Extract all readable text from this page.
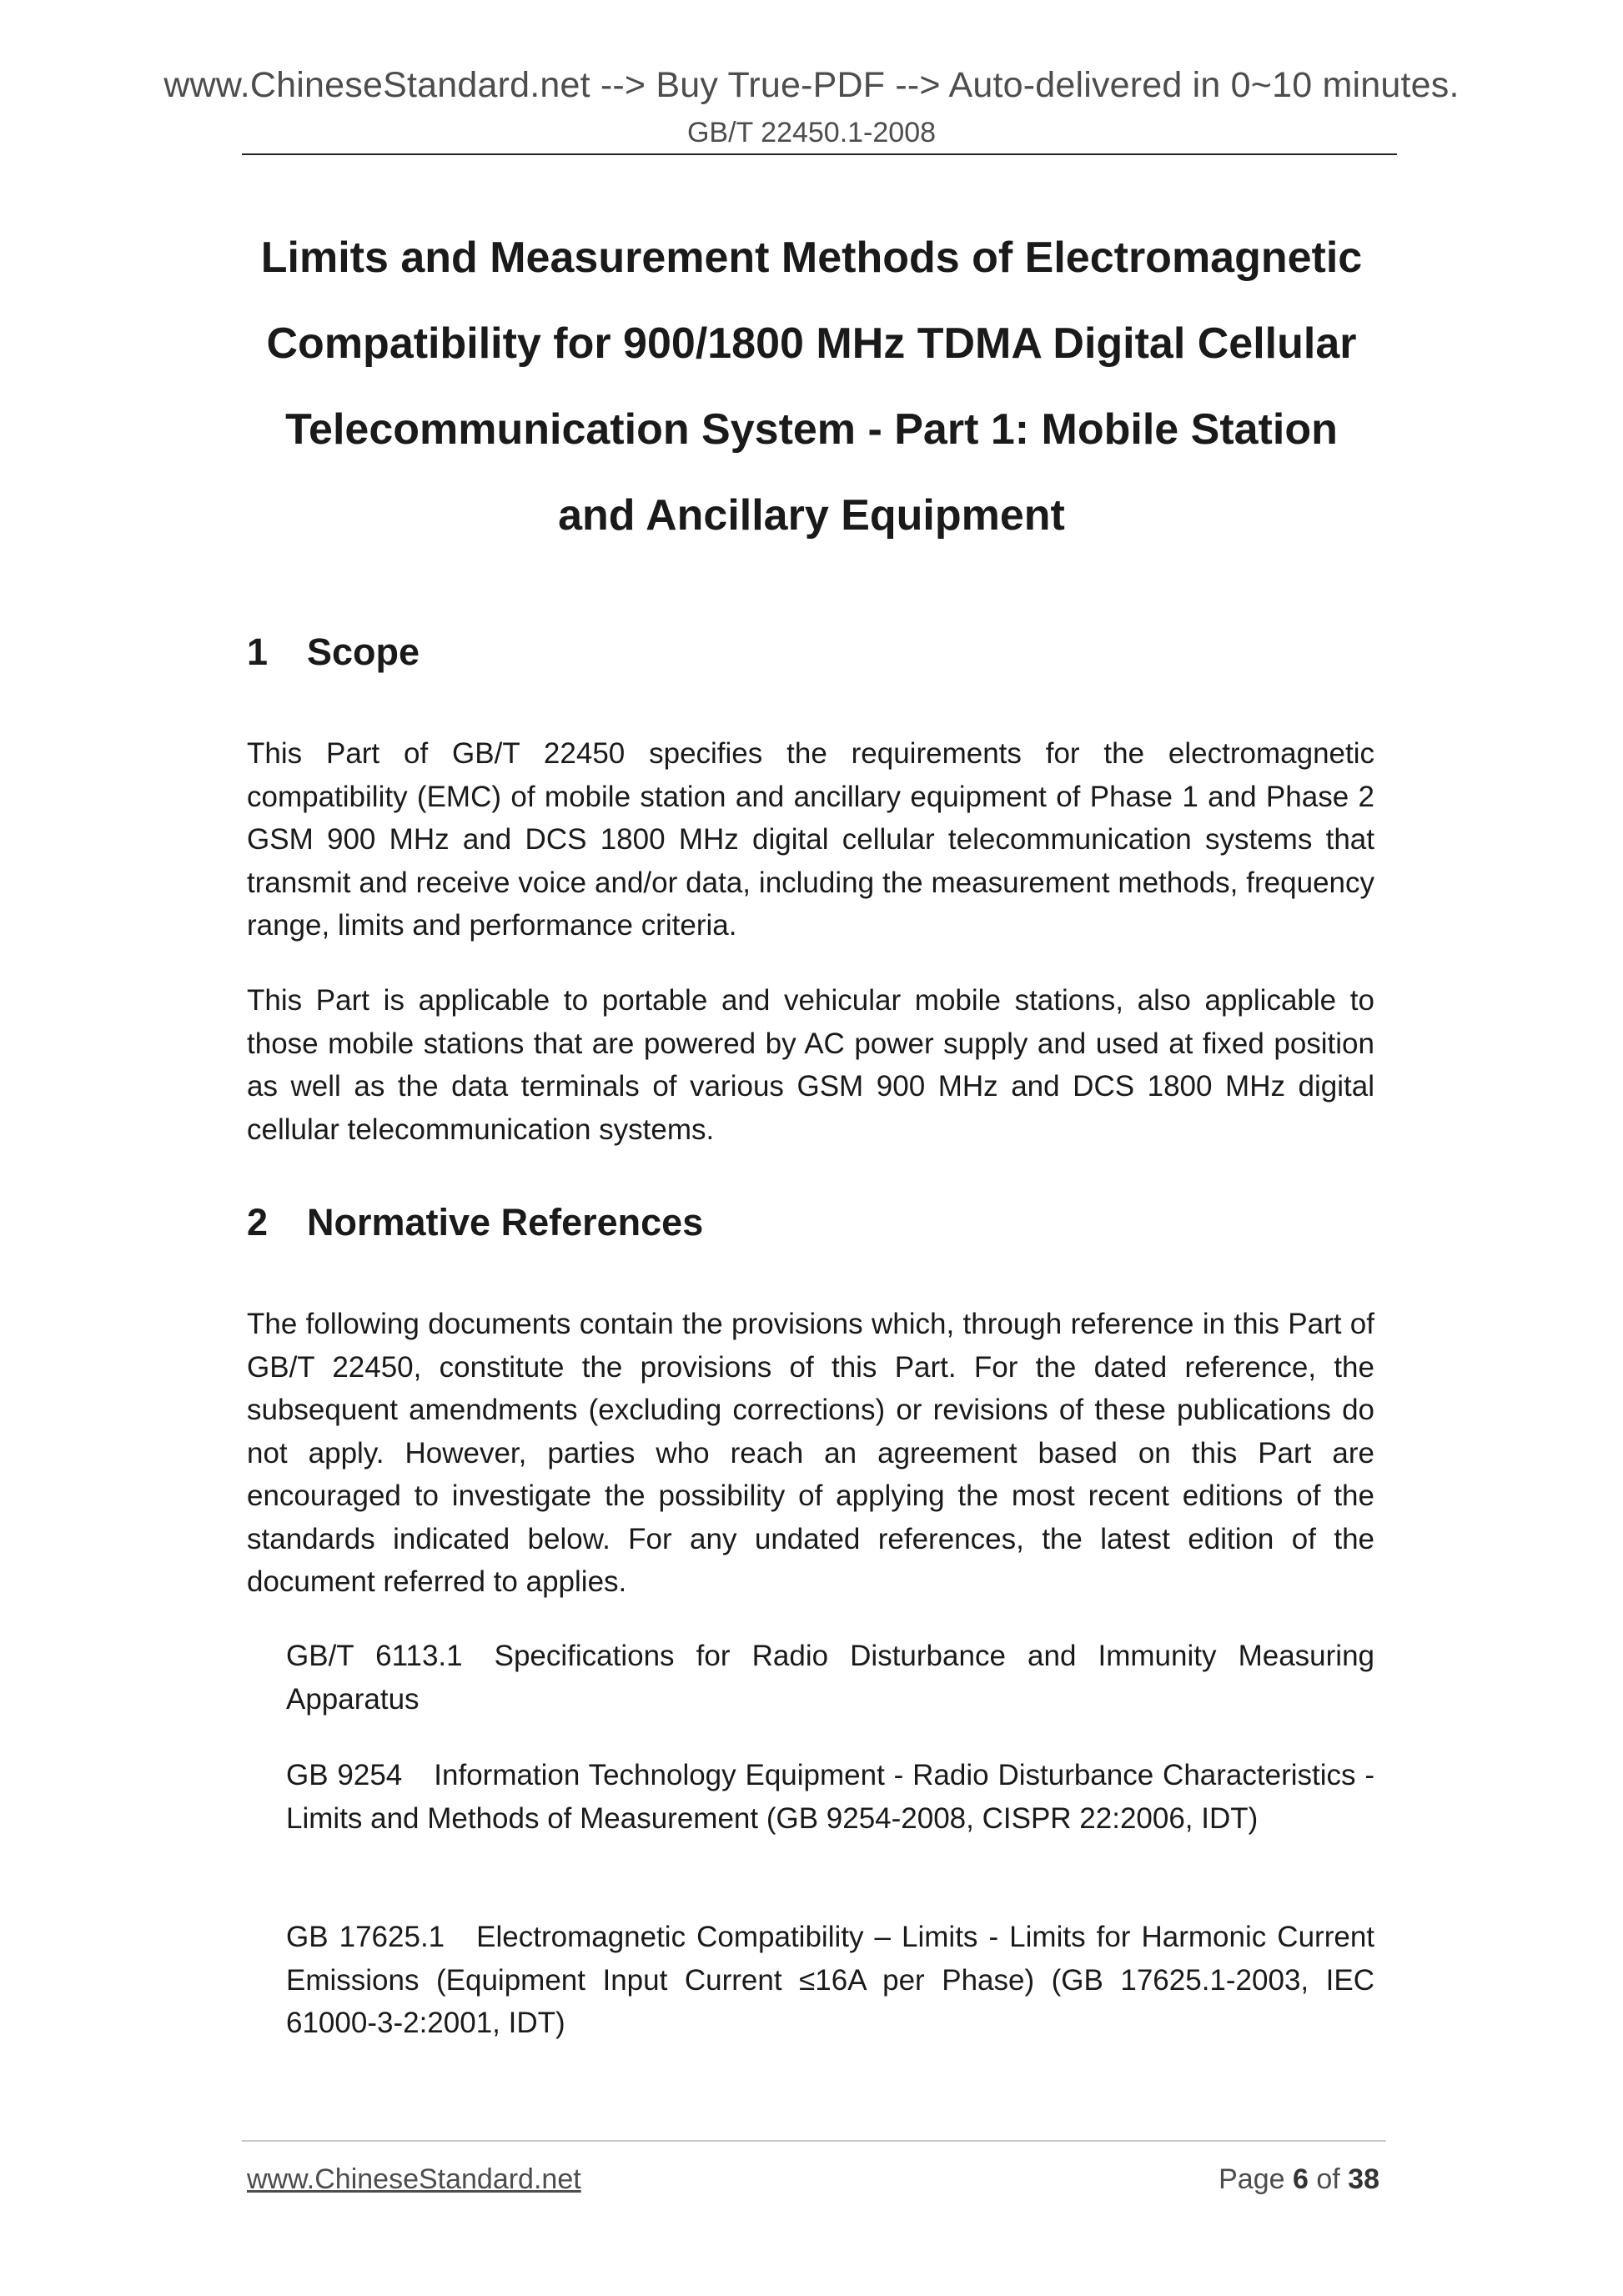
www.ChineseStandard.net --> Buy True-PDF --> Auto-delivered in 0~10 minutes.
GB/T 22450.1-2008
Limits and Measurement Methods of Electromagnetic
Compatibility for 900/1800 MHz TDMA Digital Cellular
Telecommunication System - Part 1: Mobile Station
and Ancillary Equipment
1 Scope
This Part of GB/T 22450 specifies the requirements for the electromagnetic compatibility (EMC) of mobile station and ancillary equipment of Phase 1 and Phase 2 GSM 900 MHz and DCS 1800 MHz digital cellular telecommunication systems that transmit and receive voice and/or data, including the measurement methods, frequency range, limits and performance criteria.
This Part is applicable to portable and vehicular mobile stations, also applicable to those mobile stations that are powered by AC power supply and used at fixed position as well as the data terminals of various GSM 900 MHz and DCS 1800 MHz digital cellular telecommunication systems.
2 Normative References
The following documents contain the provisions which, through reference in this Part of GB/T 22450, constitute the provisions of this Part. For the dated reference, the subsequent amendments (excluding corrections) or revisions of these publications do not apply. However, parties who reach an agreement based on this Part are encouraged to investigate the possibility of applying the most recent editions of the standards indicated below. For any undated references, the latest edition of the document referred to applies.
GB/T 6113.1 Specifications for Radio Disturbance and Immunity Measuring Apparatus
GB 9254 Information Technology Equipment - Radio Disturbance Characteristics - Limits and Methods of Measurement (GB 9254-2008, CISPR 22:2006, IDT)
GB 17625.1 Electromagnetic Compatibility – Limits - Limits for Harmonic Current Emissions (Equipment Input Current ≤16A per Phase) (GB 17625.1-2003, IEC 61000-3-2:2001, IDT)
www.ChineseStandard.net	Page 6 of 38
